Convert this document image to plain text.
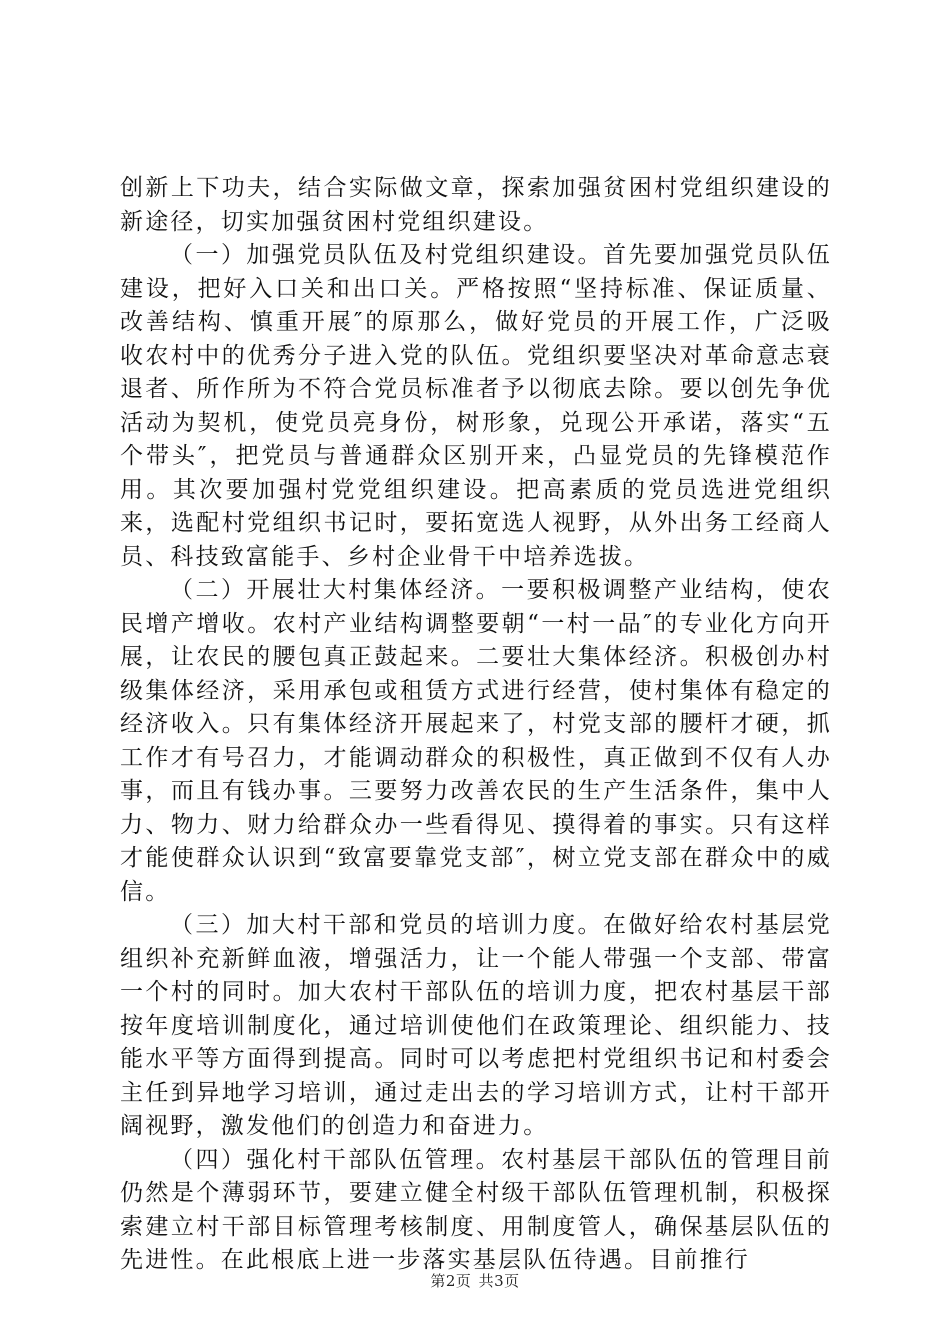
创新上下功夫，结合实际做文章，探索加强贫困村党组织建设的新途径，切实加强贫困村党组织建设。

（一）加强党员队伍及村党组织建设。首先要加强党员队伍建设，把好入口关和出口关。严格按照“坚持标准、保证质量、改善结构、慎重开展″的原那么，做好党员的开展工作，广泛吸收农村中的优秀分子进入党的队伍。党组织要坚决对革命意志衰退者、所作所为不符合党员标准者予以彻底去除。要以创先争优活动为契机，使党员亮身份，树形象，兑现公开承诺，落实“五个带头″，把党员与普通群众区别开来，凸显党员的先锋模范作用。其次要加强村党党组织建设。把高素质的党员选进党组织来，选配村党组织书记时，要拓宽选人视野，从外出务工经商人员、科技致富能手、乡村企业骨干中培养选拔。

（二）开展壮大村集体经济。一要积极调整产业结构，使农民增产增收。农村产业结构调整要朝“一村一品″的专业化方向开展，让农民的腰包真正鼓起来。二要壮大集体经济。积极创办村级集体经济，采用承包或租赁方式进行经营，使村集体有稳定的经济收入。只有集体经济开展起来了，村党支部的腰杆才硬，抓工作才有号召力，才能调动群众的积极性，真正做到不仅有人办事，而且有钱办事。三要努力改善农民的生产生活条件，集中人力、物力、财力给群众办一些看得见、摸得着的事实。只有这样才能使群众认识到“致富要靠党支部″，树立党支部在群众中的威信。

（三）加大村干部和党员的培训力度。在做好给农村基层党组织补充新鲜血液，增强活力，让一个能人带强一个支部、带富一个村的同时。加大农村干部队伍的培训力度，把农村基层干部按年度培训制度化，通过培训使他们在政策理论、组织能力、技能水平等方面得到提高。同时可以考虑把村党组织书记和村委会主任到异地学习培训，通过走出去的学习培训方式，让村干部开阔视野，激发他们的创造力和奋进力。

（四）强化村干部队伍管理。农村基层干部队伍的管理目前仍然是个薄弱环节，要建立健全村级干部队伍管理机制，积极探索建立村干部目标管理考核制度、用制度管人，确保基层队伍的先进性。在此根底上进一步落实基层队伍待遇。目前推行

第2页 共3页
